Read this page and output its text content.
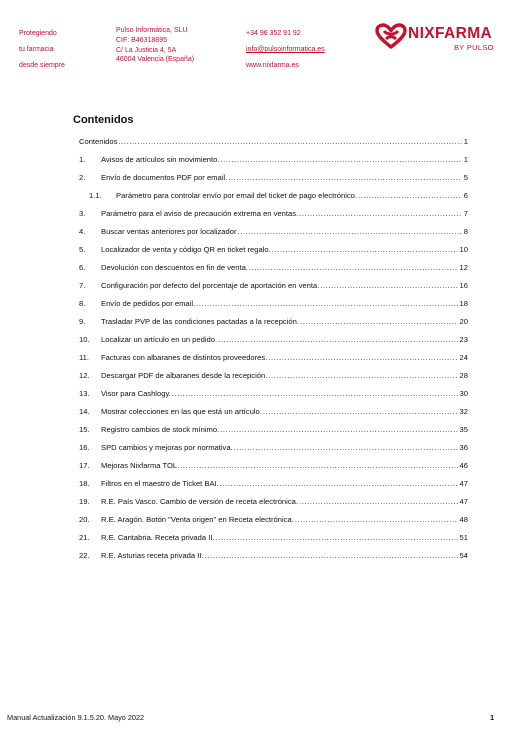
Protegiendo
tu farmacia
desde siempre
Pulso Informática, SLU
CIF: B46318895
C/ La Justicia 4, 5A
46004 Valencia (España)
+34 96 352 91 92
info@pulsoinformatica.es
www.nixfarma.es
NIXFARMA
BY PULSO
Contenidos
Contenidos .....	1
1.	Avisos de artículos sin movimiento. .....	1
2.	Envío de documentos PDF por email. .....	5
1.1.	Parámetro para controlar envío por email del ticket de pago electrónico. .....	6
3.	Parámetro para el aviso de precaución extrema en ventas. .....	7
4.	Buscar ventas anteriores por localizador .....	8
5.	Localizador de venta y código QR en ticket regalo. .....	10
6.	Devolución con descuentos en fin de venta. .....	12
7.	Configuración por defecto del porcentaje de aportación en venta. .....	16
8.	Envío de pedidos por email. .....	18
9.	Trasladar PVP de las condiciones pactadas a la recepción. .....	20
10.	Localizar un artículo en un pedido. .....	23
11.	Facturas con albaranes de distintos proveedores. .....	24
12.	Descargar PDF de albaranes desde la recepción. .....	28
13.	Visor para Cashlogy. .....	30
14.	Mostrar colecciones en las que está un artículo. .....	32
15.	Registro cambios de stock mínimo. .....	35
16.	SPD cambios y mejoras por normativa. .....	36
17.	Mejoras Nixfarma TOL. .....	46
18.	Filtros en el maestro de Ticket BAI. .....	47
19.	R.E. País Vasco. Cambio de versión de receta electrónica. .....	47
20.	R.E. Aragón. Botón "Venta origen" en Receta electrónica. .....	48
21.	R.E. Cantabria. Receta privada II. .....	51
22.	R.E. Asturias receta privada II. .....	54
Manual Actualización 9.1.5.20. Mayo 2022	1
